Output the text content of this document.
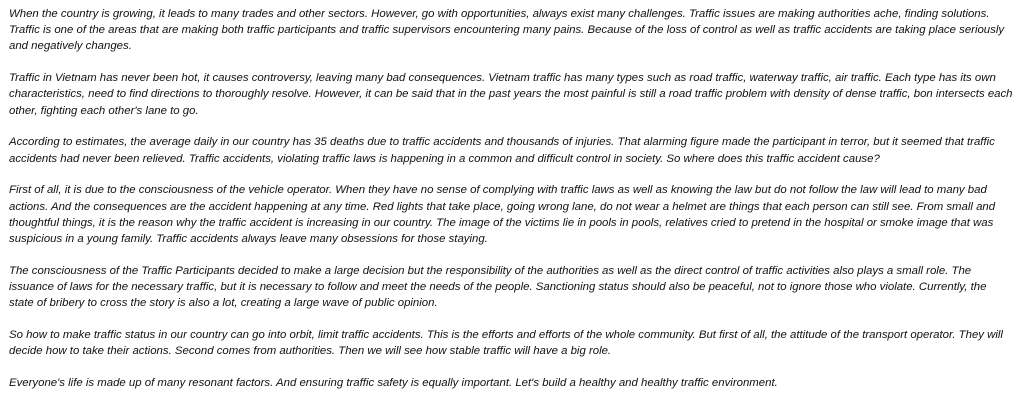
When the country is growing, it leads to many trades and other sectors. However, go with opportunities, always exist many challenges. Traffic issues are making authorities ache, finding solutions. Traffic is one of the areas that are making both traffic participants and traffic supervisors encountering many pains. Because of the loss of control as well as traffic accidents are taking place seriously and negatively changes.

Traffic in Vietnam has never been hot, it causes controversy, leaving many bad consequences. Vietnam traffic has many types such as road traffic, waterway traffic, air traffic. Each type has its own characteristics, need to find directions to thoroughly resolve. However, it can be said that in the past years the most painful is still a road traffic problem with density of dense traffic, bon intersects each other, fighting each other's lane to go.

According to estimates, the average daily in our country has 35 deaths due to traffic accidents and thousands of injuries. That alarming figure made the participant in terror, but it seemed that traffic accidents had never been relieved. Traffic accidents, violating traffic laws is happening in a common and difficult control in society. So where does this traffic accident cause?

First of all, it is due to the consciousness of the vehicle operator. When they have no sense of complying with traffic laws as well as knowing the law but do not follow the law will lead to many bad actions. And the consequences are the accident happening at any time. Red lights that take place, going wrong lane, do not wear a helmet are things that each person can still see. From small and thoughtful things, it is the reason why the traffic accident is increasing in our country. The image of the victims lie in pools in pools, relatives cried to pretend in the hospital or smoke image that was suspicious in a young family. Traffic accidents always leave many obsessions for those staying.

The consciousness of the Traffic Participants decided to make a large decision but the responsibility of the authorities as well as the direct control of traffic activities also plays a small role. The issuance of laws for the necessary traffic, but it is necessary to follow and meet the needs of the people. Sanctioning status should also be peaceful, not to ignore those who violate. Currently, the state of bribery to cross the story is also a lot, creating a large wave of public opinion.

So how to make traffic status in our country can go into orbit, limit traffic accidents. This is the efforts and efforts of the whole community. But first of all, the attitude of the transport operator. They will decide how to take their actions. Second comes from authorities. Then we will see how stable traffic will have a big role.

Everyone's life is made up of many resonant factors. And ensuring traffic safety is equally important. Let's build a healthy and healthy traffic environment.
